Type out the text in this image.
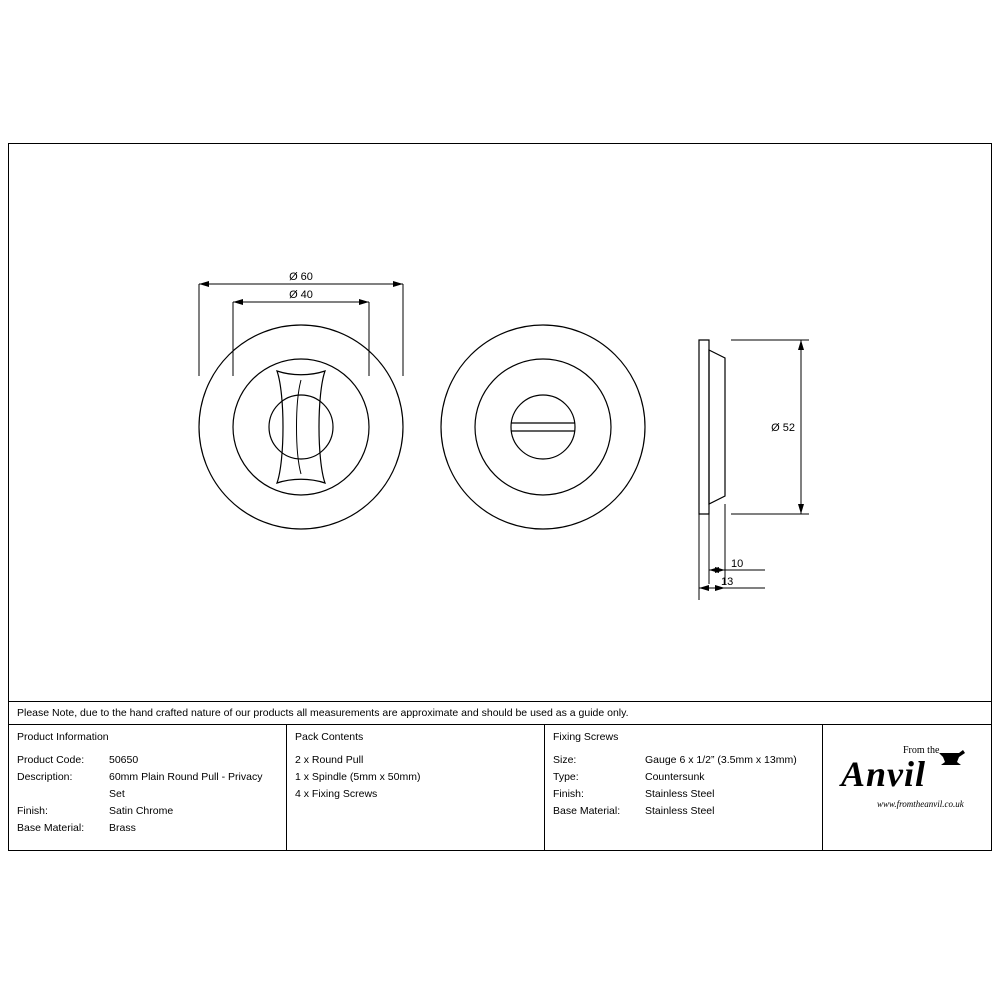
Ø 60
Ø 40
Ø 52
10
13
Please Note, due to the hand crafted nature of our products all measurements are approximate and should be used as a guide only.
Product Information
Product Code:	50650
Description:	60mm Plain Round Pull - Privacy Set
Finish:	Satin Chrome
Base Material:	Brass
Pack Contents
2 x Round Pull
1 x Spindle (5mm x 50mm)
4 x Fixing Screws
Fixing Screws
Size:	Gauge 6 x 1/2” (3.5mm x 13mm)
Type:	Countersunk
Finish:	Stainless Steel
Base Material:	Stainless Steel
From the
Anvil
www.fromtheanvil.co.uk
